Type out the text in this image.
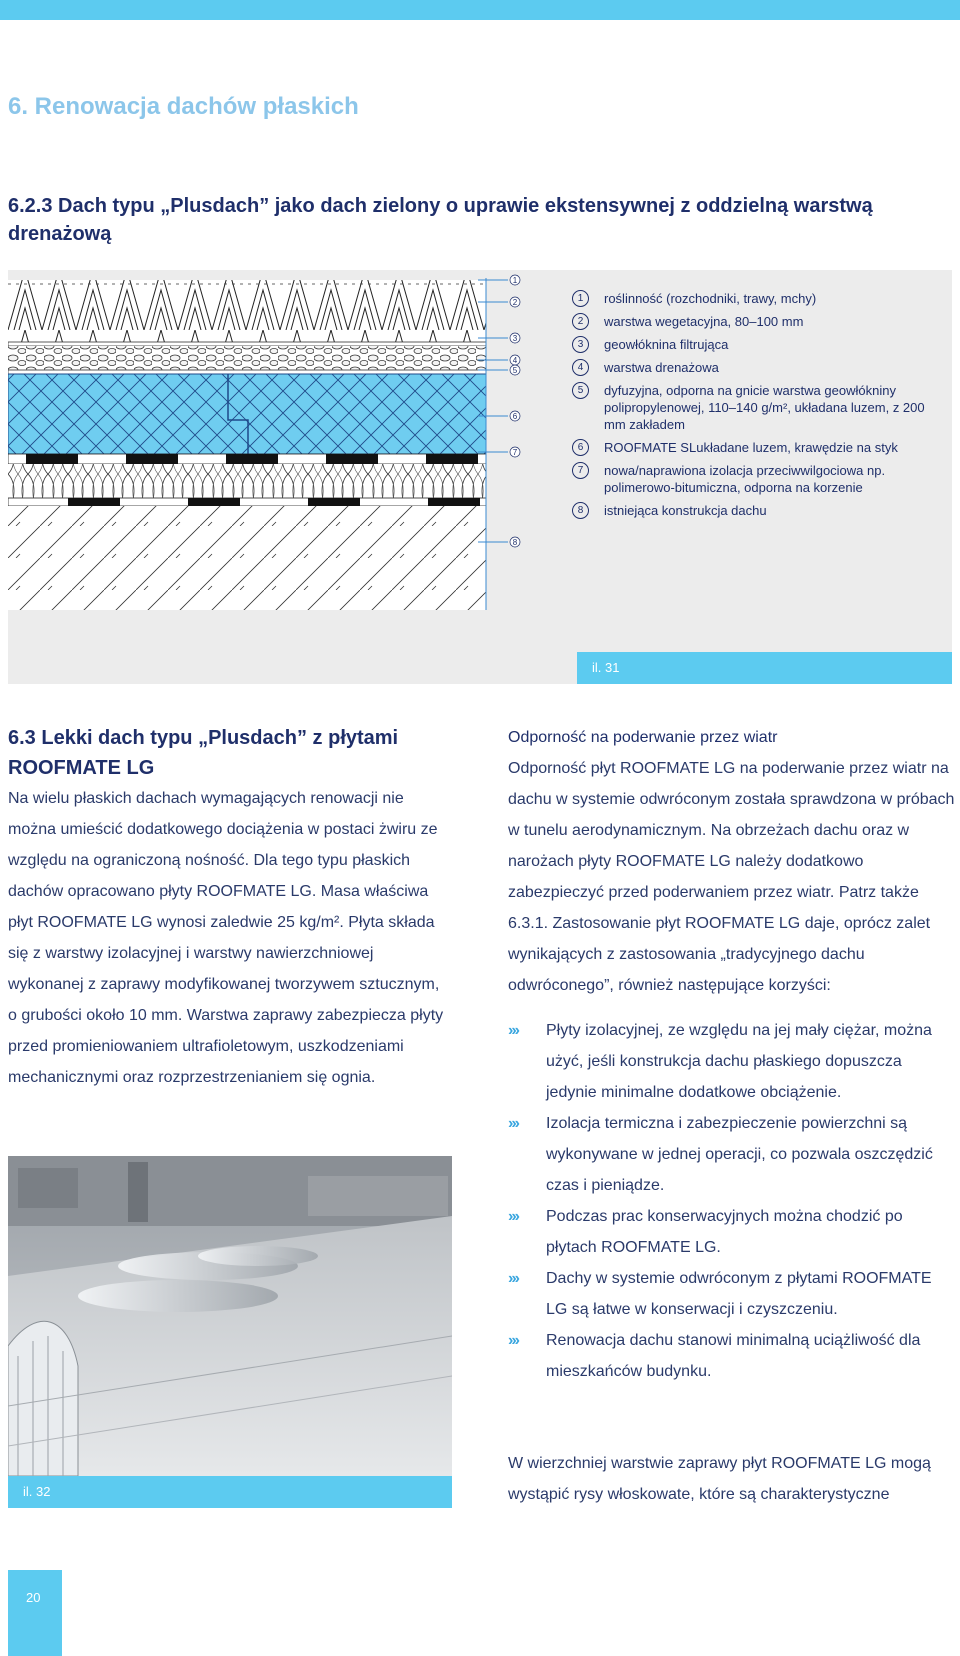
6. Renowacja dachów płaskich
6.2.3 Dach typu „Plusdach” jako dach zielony o uprawie ekstensywnej z oddzielną warstwą drenażową
1
2
3
4
5
6
7
8

1	roślinność (rozchodniki, trawy, mchy)

2	warstwa wegetacyjna, 80–100 mm

3	geowłóknina filtrująca

4	warstwa drenażowa

5	dyfuzyjna, odporna na gnicie warstwa geowłókniny polipropylenowej, 110–140 g/m², układana luzem, z 200 mm zakładem

6	ROOFMATE SLukładane luzem, krawędzie na styk

7	nowa/naprawiona izolacja przeciwwilgociowa np. polimerowo-bitumiczna, odporna na korzenie

8	istniejąca konstrukcja dachu

il. 31
6.3 Lekki dach typu „Plusdach” z płytami ROOFMATE LG

Na wielu płaskich dachach wymagających renowacji nie można umieścić dodatkowego dociążenia w postaci żwiru ze względu na ograniczoną nośność. Dla tego typu płaskich dachów opracowano płyty ROOFMATE LG. Masa właściwa płyt ROOFMATE LG wynosi zaledwie 25 kg/m². Płyta składa się z warstwy izolacyjnej i warstwy nawierzchniowej wykonanej z zaprawy modyfikowanej tworzywem sztucznym, o grubości około 10 mm. Warstwa zaprawy zabezpiecza płyty przed promieniowaniem ultrafioletowym, uszkodzeniami mechanicznymi oraz rozprzestrzenianiem się ognia.

il. 32

Odporność na poderwanie przez wiatr

Odporność płyt ROOFMATE LG na poderwanie przez wiatr na dachu w systemie odwróconym została sprawdzona w próbach w tunelu aerodynamicznym. Na obrzeżach dachu oraz w narożach płyty ROOFMATE LG należy dodatkowo zabezpieczyć przed poderwaniem przez wiatr. Patrz także 6.3.1. Zastosowanie płyt ROOFMATE LG daje, oprócz zalet wynikających z zastosowania „tradycyjnego dachu odwróconego”, również następujące korzyści:

››› Płyty izolacyjnej, ze względu na jej mały ciężar, można użyć, jeśli konstrukcja dachu płaskiego dopuszcza jedynie minimalne dodatkowe obciążenie.
››› Izolacja termiczna i zabezpieczenie powierzchni są wykonywane w jednej operacji, co pozwala oszczędzić czas i pieniądze.
››› Podczas prac konserwacyjnych można chodzić po płytach ROOFMATE LG.
››› Dachy w systemie odwróconym z płytami ROOFMATE LG są łatwe w konserwacji i czyszczeniu.
››› Renowacja dachu stanowi minimalną uciążliwość dla mieszkańców budynku.

W wierzchniej warstwie zaprawy płyt ROOFMATE LG mogą wystąpić rysy włoskowate, które są charakterystyczne

20
